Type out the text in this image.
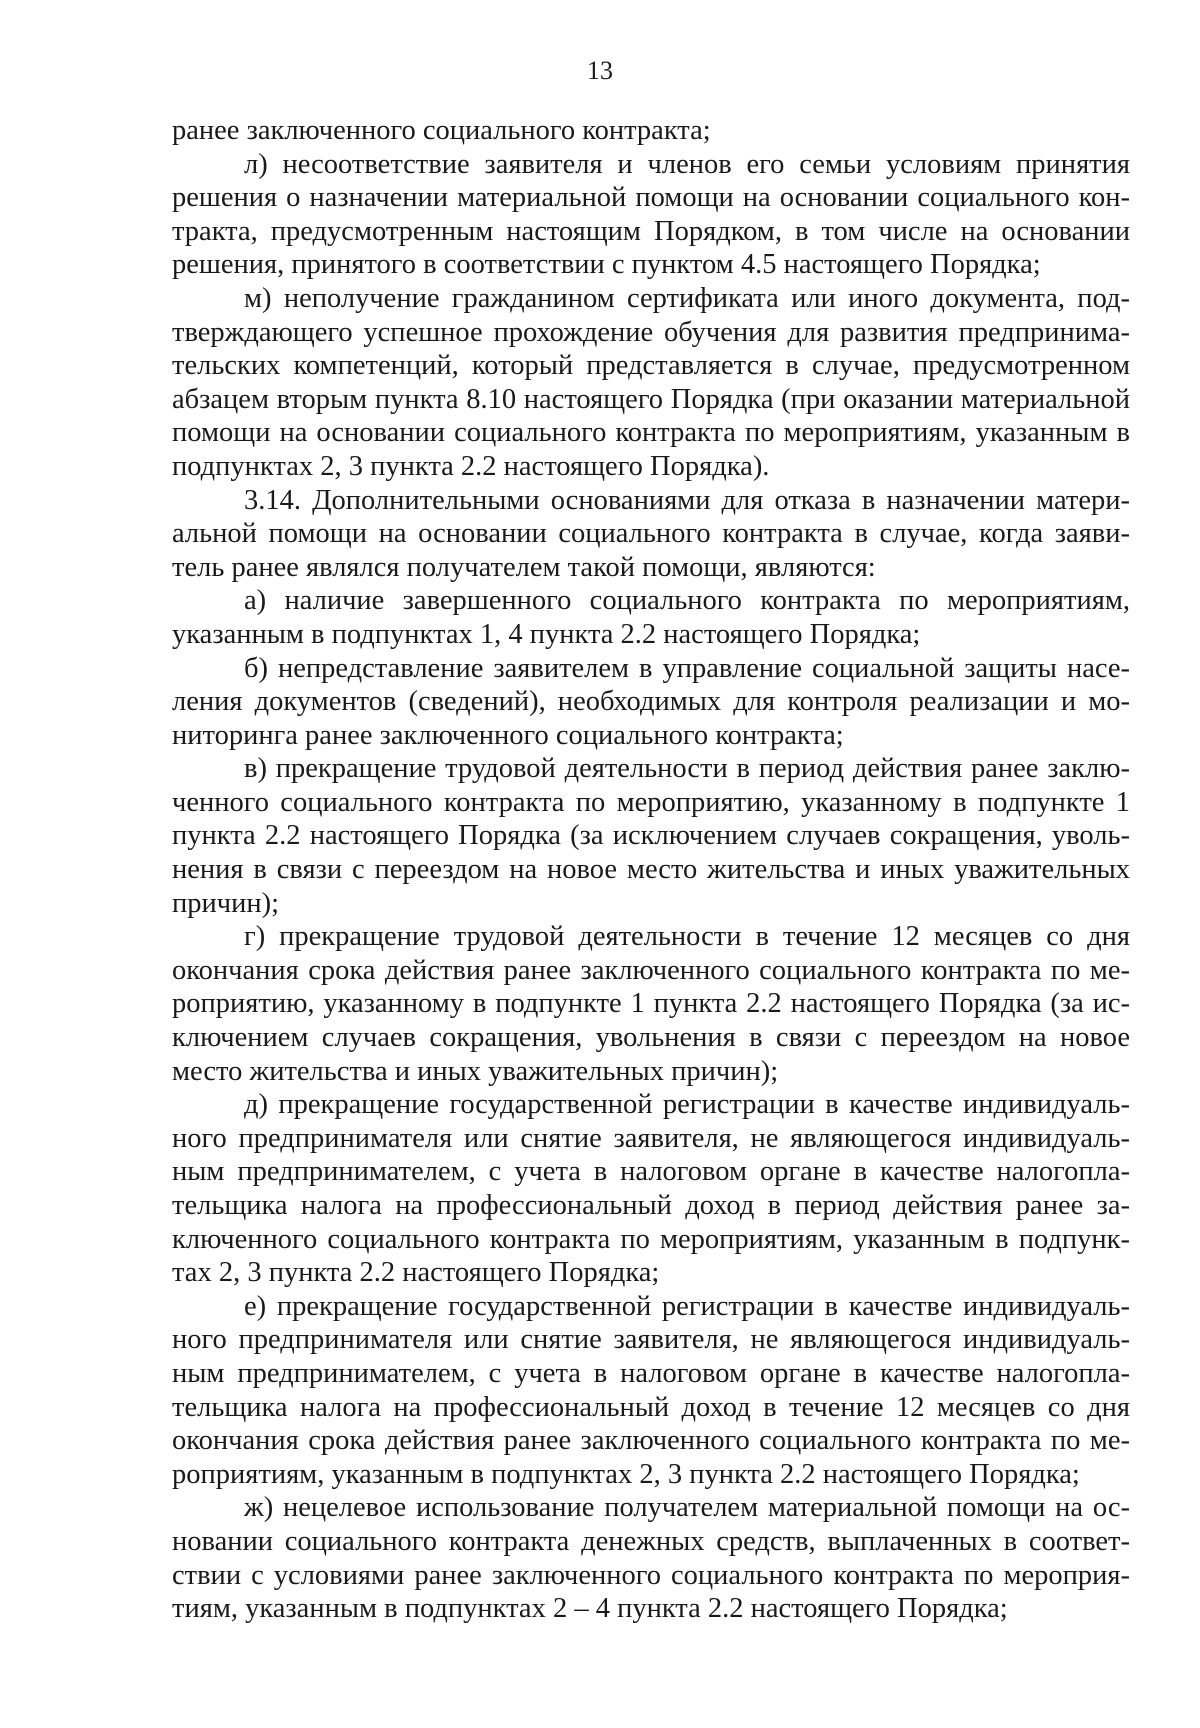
13

ранее заключенного социального контракта;

л) несоответствие заявителя и членов его семьи условиям принятия решения о назначении материальной помощи на основании социального контракта, предусмотренным настоящим Порядком, в том числе на основании решения, принятого в соответствии с пунктом 4.5 настоящего Порядка;

м) неполучение гражданином сертификата или иного документа, подтверждающего успешное прохождение обучения для развития предпринимательских компетенций, который представляется в случае, предусмотренном абзацем вторым пункта 8.10 настоящего Порядка (при оказании материальной помощи на основании социального контракта по мероприятиям, указанным в подпунктах 2, 3 пункта 2.2 настоящего Порядка).

3.14. Дополнительными основаниями для отказа в назначении материальной помощи на основании социального контракта в случае, когда заявитель ранее являлся получателем такой помощи, являются:

а) наличие завершенного социального контракта по мероприятиям, указанным в подпунктах 1, 4 пункта 2.2 настоящего Порядка;

б) непредставление заявителем в управление социальной защиты населения документов (сведений), необходимых для контроля реализации и мониторинга ранее заключенного социального контракта;

в) прекращение трудовой деятельности в период действия ранее заключенного социального контракта по мероприятию, указанному в подпункте 1 пункта 2.2 настоящего Порядка (за исключением случаев сокращения, увольнения в связи с переездом на новое место жительства и иных уважительных причин);

г) прекращение трудовой деятельности в течение 12 месяцев со дня окончания срока действия ранее заключенного социального контракта по мероприятию, указанному в подпункте 1 пункта 2.2 настоящего Порядка (за исключением случаев сокращения, увольнения в связи с переездом на новое место жительства и иных уважительных причин);

д) прекращение государственной регистрации в качестве индивидуального предпринимателя или снятие заявителя, не являющегося индивидуальным предпринимателем, с учета в налоговом органе в качестве налогоплательщика налога на профессиональный доход в период действия ранее заключенного социального контракта по мероприятиям, указанным в подпунктах 2, 3 пункта 2.2 настоящего Порядка;

е) прекращение государственной регистрации в качестве индивидуального предпринимателя или снятие заявителя, не являющегося индивидуальным предпринимателем, с учета в налоговом органе в качестве налогоплательщика налога на профессиональный доход в течение 12 месяцев со дня окончания срока действия ранее заключенного социального контракта по мероприятиям, указанным в подпунктах 2, 3 пункта 2.2 настоящего Порядка;

ж) нецелевое использование получателем материальной помощи на основании социального контракта денежных средств, выплаченных в соответствии с условиями ранее заключенного социального контракта по мероприятиям, указанным в подпунктах 2 – 4 пункта 2.2 настоящего Порядка;
